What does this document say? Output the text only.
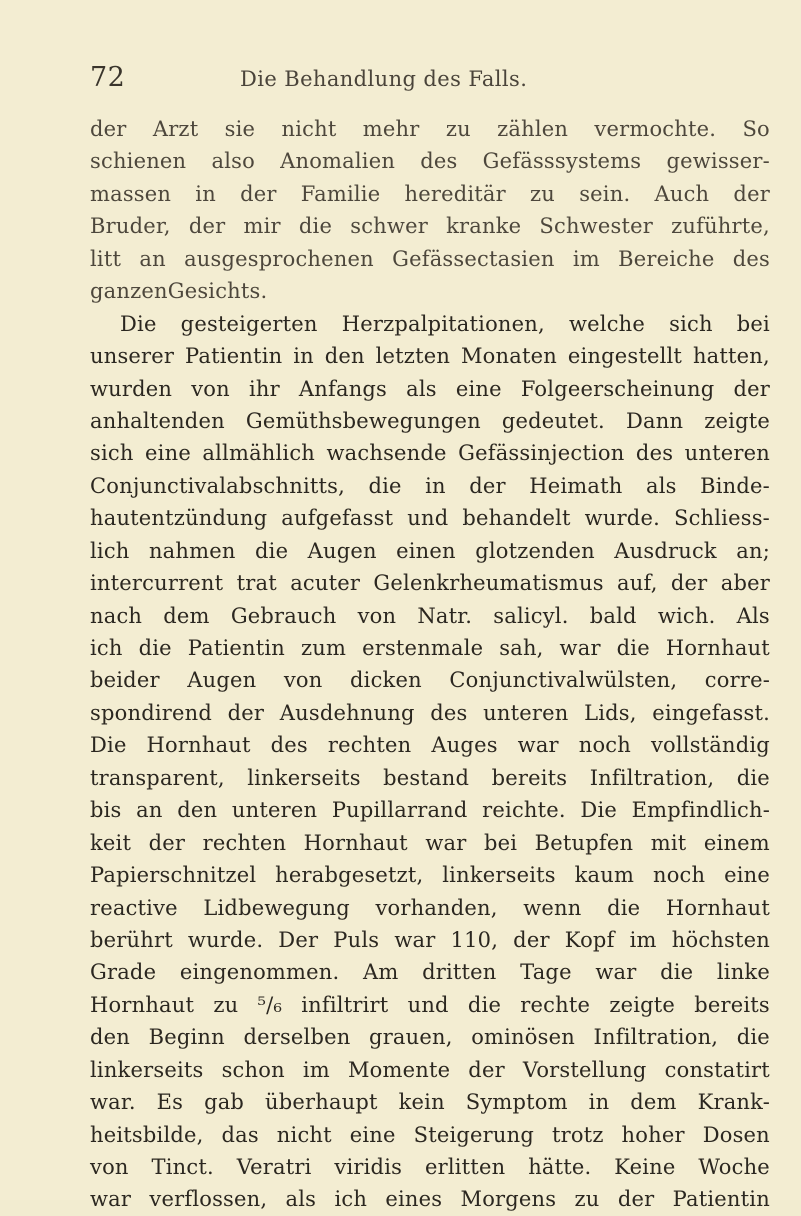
72	Die Behandlung des Falls.
der Arzt sie nicht mehr zu zählen vermochte. So
schienen also Anomalien des Gefässsystems gewisser-
massen in der Familie hereditär zu sein. Auch der
Bruder, der mir die schwer kranke Schwester zuführte,
litt an ausgesprochenen Gefässectasien im Bereiche des
ganzen Gesichts.
Die gesteigerten Herzpalpitationen, welche sich bei
unserer Patientin in den letzten Monaten eingestellt hatten,
wurden von ihr Anfangs als eine Folgeerscheinung der
anhaltenden Gemüthsbewegungen gedeutet. Dann zeigte
sich eine allmählich wachsende Gefässinjection des unteren
Conjunctivalabschnitts, die in der Heimath als Binde-
hautentzündung aufgefasst und behandelt wurde. Schliess-
lich nahmen die Augen einen glotzenden Ausdruck an;
intercurrent trat acuter Gelenkrheumatismus auf, der aber
nach dem Gebrauch von Natr. salicyl. bald wich. Als
ich die Patientin zum erstenmale sah, war die Hornhaut
beider Augen von dicken Conjunctivalwülsten, corre-
spondirend der Ausdehnung des unteren Lids, eingefasst.
Die Hornhaut des rechten Auges war noch vollständig
transparent, linkerseits bestand bereits Infiltration, die
bis an den unteren Pupillarrand reichte. Die Empfindlich-
keit der rechten Hornhaut war bei Betupfen mit einem
Papierschnitzel herabgesetzt, linkerseits kaum noch eine
reactive Lidbewegung vorhanden, wenn die Hornhaut
berührt wurde. Der Puls war 110, der Kopf im höchsten
Grade eingenommen. Am dritten Tage war die linke
Hornhaut zu ⁵/₆ infiltrirt und die rechte zeigte bereits
den Beginn derselben grauen, ominösen Infiltration, die
linkerseits schon im Momente der Vorstellung constatirt
war. Es gab überhaupt kein Symptom in dem Krank-
heitsbilde, das nicht eine Steigerung trotz hoher Dosen
von Tinct. Veratri viridis erlitten hätte. Keine Woche
war verflossen, als ich eines Morgens zu der Patientin
